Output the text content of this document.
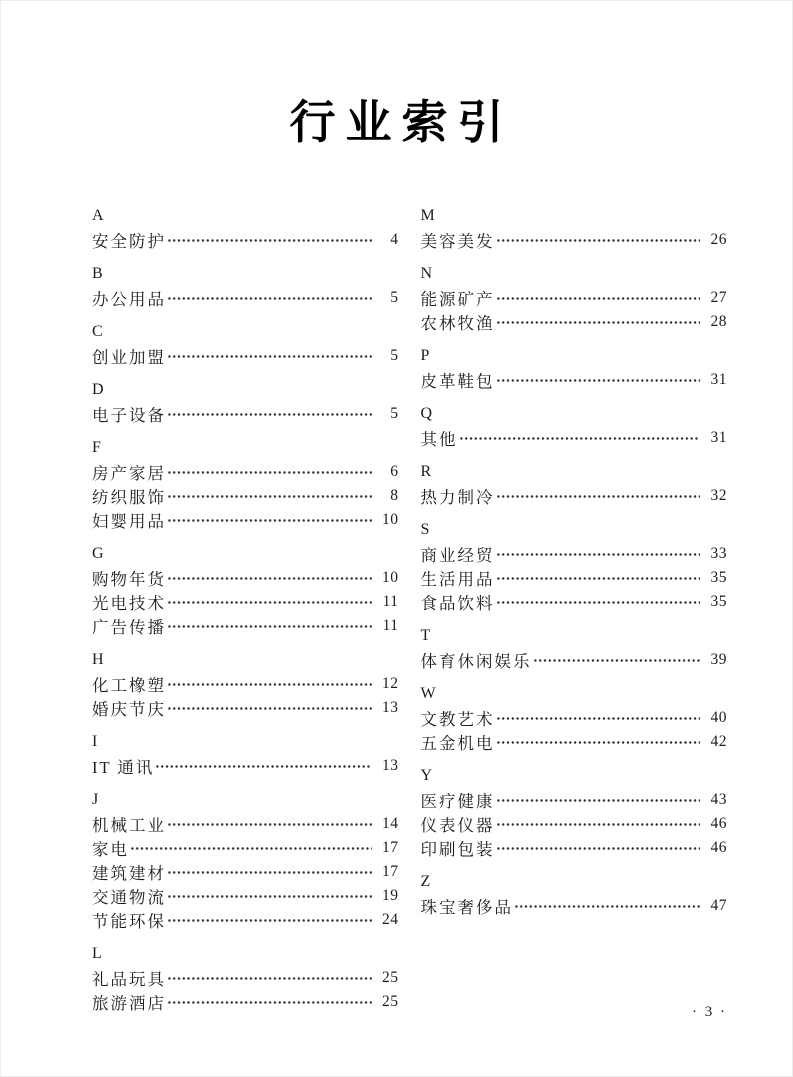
行业索引
A
安全防护	4
B
办公用品	5
C
创业加盟	5
D
电子设备	5
F
房产家居	6
纺织服饰	8
妇婴用品	10
G
购物年货	10
光电技术	11
广告传播	11
H
化工橡塑	12
婚庆节庆	13
I
IT 通讯	13
J
机械工业	14
家电	17
建筑建材	17
交通物流	19
节能环保	24
L
礼品玩具	25
旅游酒店	25
M
美容美发	26
N
能源矿产	27
农林牧渔	28
P
皮革鞋包	31
Q
其他	31
R
热力制冷	32
S
商业经贸	33
生活用品	35
食品饮料	35
T
体育休闲娱乐	39
W
文教艺术	40
五金机电	42
Y
医疗健康	43
仪表仪器	46
印刷包装	46
Z
珠宝奢侈品	47
· 3 ·
